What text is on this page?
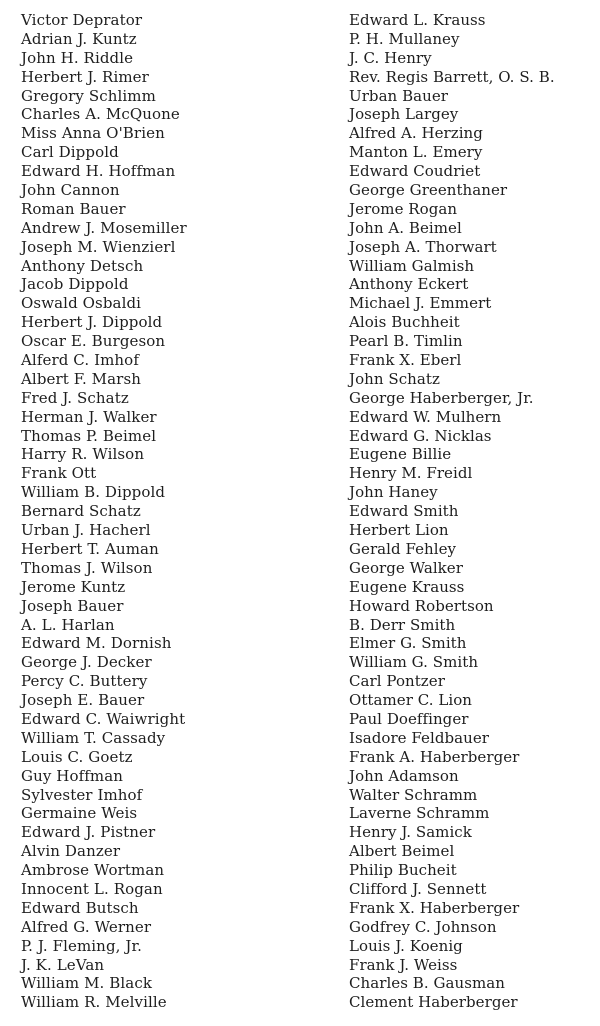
Victor Deprator
Adrian J. Kuntz
John H. Riddle
Herbert J. Rimer
Gregory Schlimm
Charles A. McQuone
Miss Anna O'Brien
Carl Dippold
Edward H. Hoffman
John Cannon
Roman Bauer
Andrew J. Mosemiller
Joseph M. Wienzierl
Anthony Detsch
Jacob Dippold
Oswald Osbaldi
Herbert J. Dippold
Oscar E. Burgeson
Alferd C. Imhof
Albert F. Marsh
Fred J. Schatz
Herman J. Walker
Thomas P. Beimel
Harry R. Wilson
Frank Ott
William B. Dippold
Bernard Schatz
Urban J. Hacherl
Herbert T. Auman
Thomas J. Wilson
Jerome Kuntz
Joseph Bauer
A. L. Harlan
Edward M. Dornish
George J. Decker
Percy C. Buttery
Joseph E. Bauer
Edward C. Waiwright
William T. Cassady
Louis C. Goetz
Guy Hoffman
Sylvester Imhof
Germaine Weis
Edward J. Pistner
Alvin Danzer
Ambrose Wortman
Innocent L. Rogan
Edward Butsch
Alfred G. Werner
P. J. Fleming, Jr.
J. K. LeVan
William M. Black
William R. Melville
Edward L. Krauss
P. H. Mullaney
J. C. Henry
Rev. Regis Barrett, O. S. B.
Urban Bauer
Joseph Largey
Alfred A. Herzing
Manton L. Emery
Edward Coudriet
George Greenthaner
Jerome Rogan
John A. Beimel
Joseph A. Thorwart
William Galmish
Anthony Eckert
Michael J. Emmert
Alois Buchheit
Pearl B. Timlin
Frank X. Eberl
John Schatz
George Haberberger, Jr.
Edward W. Mulhern
Edward G. Nicklas
Eugene Billie
Henry M. Freidl
John Haney
Edward Smith
Herbert Lion
Gerald Fehley
George Walker
Eugene Krauss
Howard Robertson
B. Derr Smith
Elmer G. Smith
William G. Smith
Carl Pontzer
Ottamer C. Lion
Paul Doeffinger
Isadore Feldbauer
Frank A. Haberberger
John Adamson
Walter Schramm
Laverne Schramm
Henry J. Samick
Albert Beimel
Philip Bucheit
Clifford J. Sennett
Frank X. Haberberger
Godfrey C. Johnson
Louis J. Koenig
Frank J. Weiss
Charles B. Gausman
Clement Haberberger
